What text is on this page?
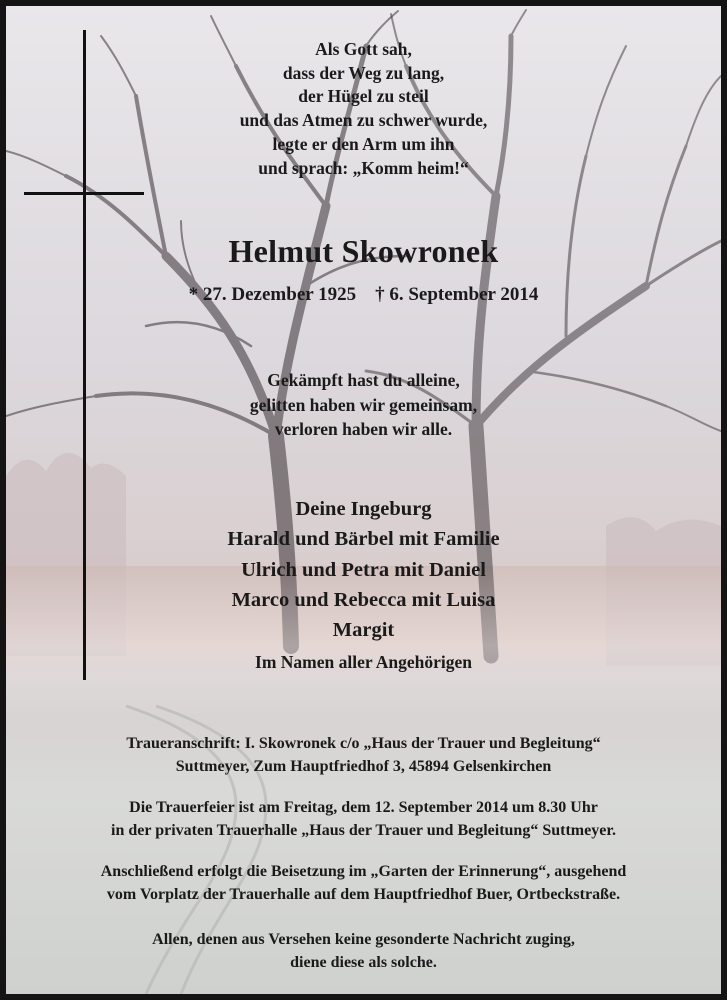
Als Gott sah,
dass der Weg zu lang,
der Hügel zu steil
und das Atmen zu schwer wurde,
legte er den Arm um ihn
und sprach: „Komm heim!“
Helmut Skowronek
* 27. Dezember 1925 † 6. September 2014
Gekämpft hast du alleine,
gelitten haben wir gemeinsam,
verloren haben wir alle.
Deine Ingeburg
Harald und Bärbel mit Familie
Ulrich und Petra mit Daniel
Marco und Rebecca mit Luisa
Margit
Im Namen aller Angehörigen
Traueranschrift: I. Skowronek c/o „Haus der Trauer und Begleitung“
Suttmeyer, Zum Hauptfriedhof 3, 45894 Gelsenkirchen
Die Trauerfeier ist am Freitag, dem 12. September 2014 um 8.30 Uhr
in der privaten Trauerhalle „Haus der Trauer und Begleitung“ Suttmeyer.
Anschließend erfolgt die Beisetzung im „Garten der Erinnerung“, ausgehend
vom Vorplatz der Trauerhalle auf dem Hauptfriedhof Buer, Ortbeckstraße.
Allen, denen aus Versehen keine gesonderte Nachricht zuging,
diene diese als solche.
